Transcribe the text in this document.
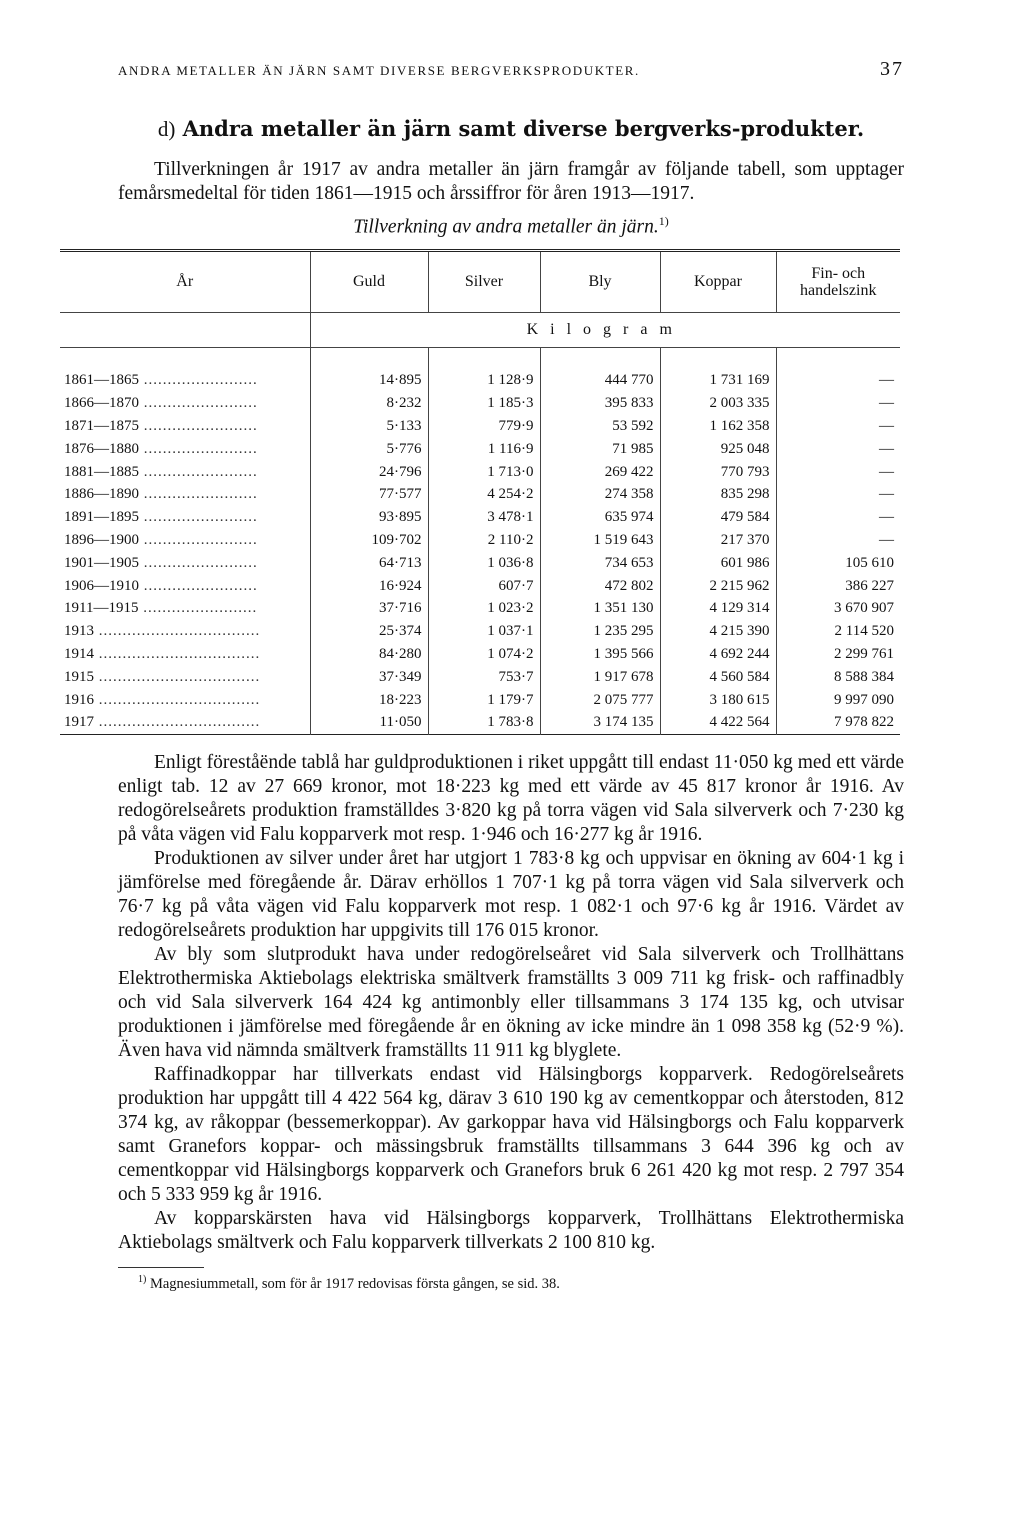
ANDRA METALLER ÄN JÄRN SAMT DIVERSE BERGVERKSPRODUKTER.	37
d) Andra metaller än järn samt diverse bergverks-produkter.

Tillverkningen år 1917 av andra metaller än järn framgår av följande tabell, som upptager femårsmedeltal för tiden 1861—1915 och årssiffror för åren 1913—1917.

Tillverkning av andra metaller än järn.$^{1)}$
År	Guld	Silver	Bly	Koppar	Fin- och handelszink
	Kilogram				
1861—1865 ........................	14·895	1 128·9	444 770	1 731 169	—
1866—1870 ........................	8·232	1 185·3	395 833	2 003 335	—
1871—1875 ........................	5·133	779·9	53 592	1 162 358	—
1876—1880 ........................	5·776	1 116·9	71 985	925 048	—
1881—1885 ........................	24·796	1 713·0	269 422	770 793	—
1886—1890 ........................	77·577	4 254·2	274 358	835 298	—
1891—1895 ........................	93·895	3 478·1	635 974	479 584	—
1896—1900 ........................	109·702	2 110·2	1 519 643	217 370	—
1901—1905 ........................	64·713	1 036·8	734 653	601 986	105 610
1906—1910 ........................	16·924	607·7	472 802	2 215 962	386 227
1911—1915 ........................	37·716	1 023·2	1 351 130	4 129 314	3 670 907
1913 ..................................	25·374	1 037·1	1 235 295	4 215 390	2 114 520
1914 ..................................	84·280	1 074·2	1 395 566	4 692 244	2 299 761
1915 ..................................	37·349	753·7	1 917 678	4 560 584	8 588 384
1916 ..................................	18·223	1 179·7	2 075 777	3 180 615	9 997 090
1917 ..................................	11·050	1 783·8	3 174 135	4 422 564	7 978 822

Enligt föreståënde tablå har guldproduktionen i riket uppgått till endast 11·050 kg med ett värde enligt tab. 12 av 27 669 kronor, mot 18·223 kg med ett värde av 45 817 kronor år 1916. Av redogörelseårets produktion framställdes 3·820 kg på torra vägen vid Sala silververk och 7·230 kg på våta vägen vid Falu kopparverk mot resp. 1·946 och 16·277 kg år 1916.

Produktionen av silver under året har utgjort 1 783·8 kg och uppvisar en ökning av 604·1 kg i jämförelse med föregående år. Därav erhöllos 1 707·1 kg på torra vägen vid Sala silververk och 76·7 kg på våta vägen vid Falu kopparverk mot resp. 1 082·1 och 97·6 kg år 1916. Värdet av redogörelseårets produktion har uppgivits till 176 015 kronor.

Av bly som slutprodukt hava under redogörelseåret vid Sala silververk och Trollhättans Elektrothermiska Aktiebolags elektriska smältverk framställts 3 009 711 kg frisk- och raffinadbly och vid Sala silververk 164 424 kg antimonbly eller tillsammans 3 174 135 kg, och utvisar produktionen i jämförelse med föregående år en ökning av icke mindre än 1 098 358 kg (52·9 %). Även hava vid nämnda smältverk framställts 11 911 kg blyglete.

Raffinadkoppar har tillverkats endast vid Hälsingborgs kopparverk. Redogörelseårets produktion har uppgått till 4 422 564 kg, därav 3 610 190 kg av cementkoppar och återstoden, 812 374 kg, av råkoppar (bessemerkoppar). Av garkoppar hava vid Hälsingborgs och Falu kopparverk samt Granefors koppar- och mässingsbruk framställts tillsammans 3 644 396 kg och av cementkoppar vid Hälsingborgs kopparverk och Granefors bruk 6 261 420 kg mot resp. 2 797 354 och 5 333 959 kg år 1916.

Av kopparskärsten hava vid Hälsingborgs kopparverk, Trollhättans Elektrothermiska Aktiebolags smältverk och Falu kopparverk tillverkats 2 100 810 kg.

$^{1)}$ Magnesiummetall, som för år 1917 redovisas första gången, se sid. 38.
